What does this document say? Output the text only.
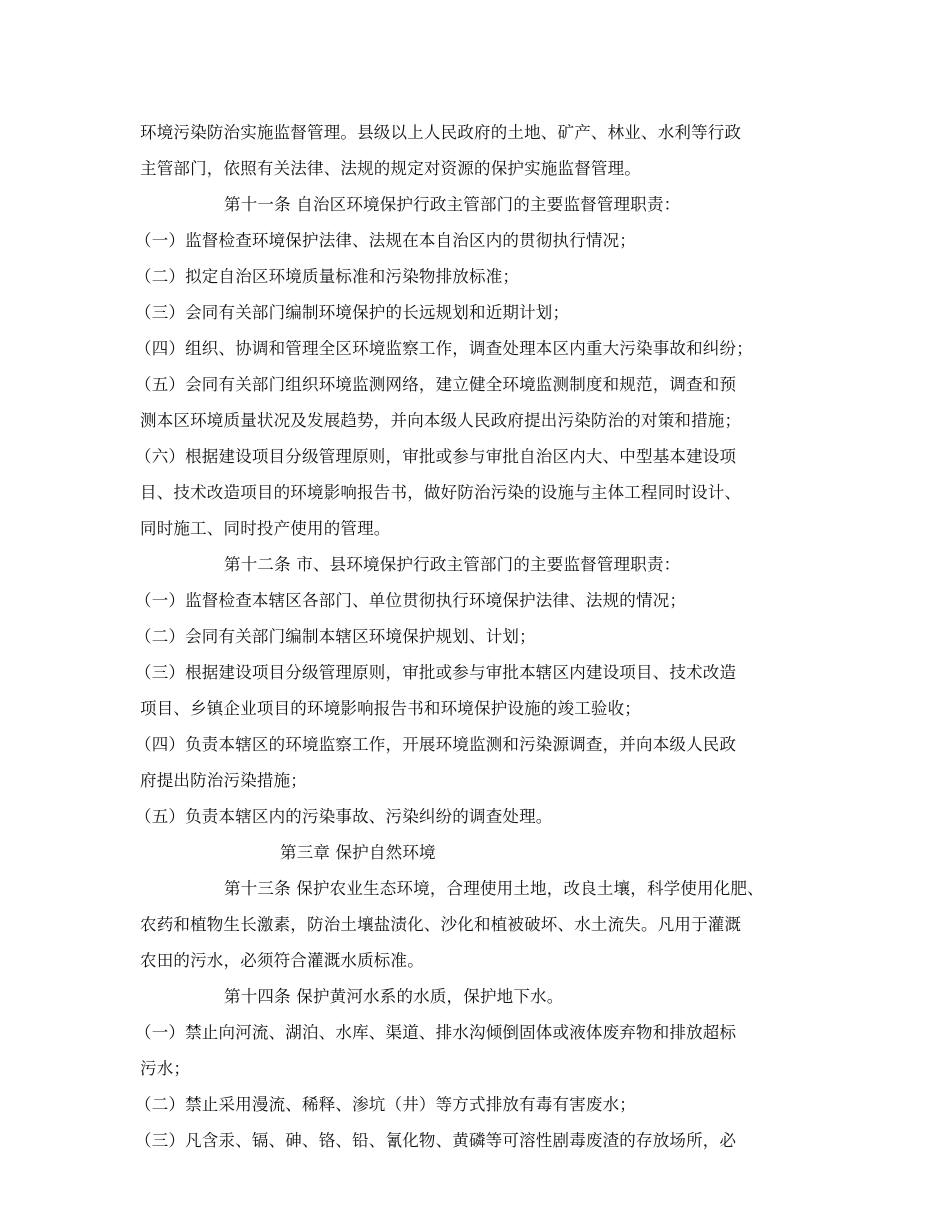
环境污染防治实施监督管理。县级以上人民政府的土地、矿产、林业、水利等行政
主管部门，依照有关法律、法规的规定对资源的保护实施监督管理。
第十一条 自治区环境保护行政主管部门的主要监督管理职责：
（一）监督检查环境保护法律、法规在本自治区内的贯彻执行情况；
（二）拟定自治区环境质量标准和污染物排放标准；
（三）会同有关部门编制环境保护的长远规划和近期计划；
（四）组织、协调和管理全区环境监察工作，调查处理本区内重大污染事故和纠纷；
（五）会同有关部门组织环境监测网络，建立健全环境监测制度和规范，调查和预
测本区环境质量状况及发展趋势，并向本级人民政府提出污染防治的对策和措施；
（六）根据建设项目分级管理原则，审批或参与审批自治区内大、中型基本建设项
目、技术改造项目的环境影响报告书，做好防治污染的设施与主体工程同时设计、
同时施工、同时投产使用的管理。
第十二条 市、县环境保护行政主管部门的主要监督管理职责：
（一）监督检查本辖区各部门、单位贯彻执行环境保护法律、法规的情况；
（二）会同有关部门编制本辖区环境保护规划、计划；
（三）根据建设项目分级管理原则，审批或参与审批本辖区内建设项目、技术改造
项目、乡镇企业项目的环境影响报告书和环境保护设施的竣工验收；
（四）负责本辖区的环境监察工作，开展环境监测和污染源调查，并向本级人民政
府提出防治污染措施；
（五）负责本辖区内的污染事故、污染纠纷的调查处理。
第三章 保护自然环境
第十三条 保护农业生态环境，合理使用土地，改良土壤，科学使用化肥、
农药和植物生长激素，防治土壤盐渍化、沙化和植被破坏、水土流失。凡用于灌溉
农田的污水，必须符合灌溉水质标准。
第十四条 保护黄河水系的水质，保护地下水。
（一）禁止向河流、湖泊、水库、渠道、排水沟倾倒固体或液体废弃物和排放超标
污水；
（二）禁止采用漫流、稀释、渗坑（井）等方式排放有毒有害废水；
（三）凡含汞、镉、砷、铬、铅、氰化物、黄磷等可溶性剧毒废渣的存放场所，必
